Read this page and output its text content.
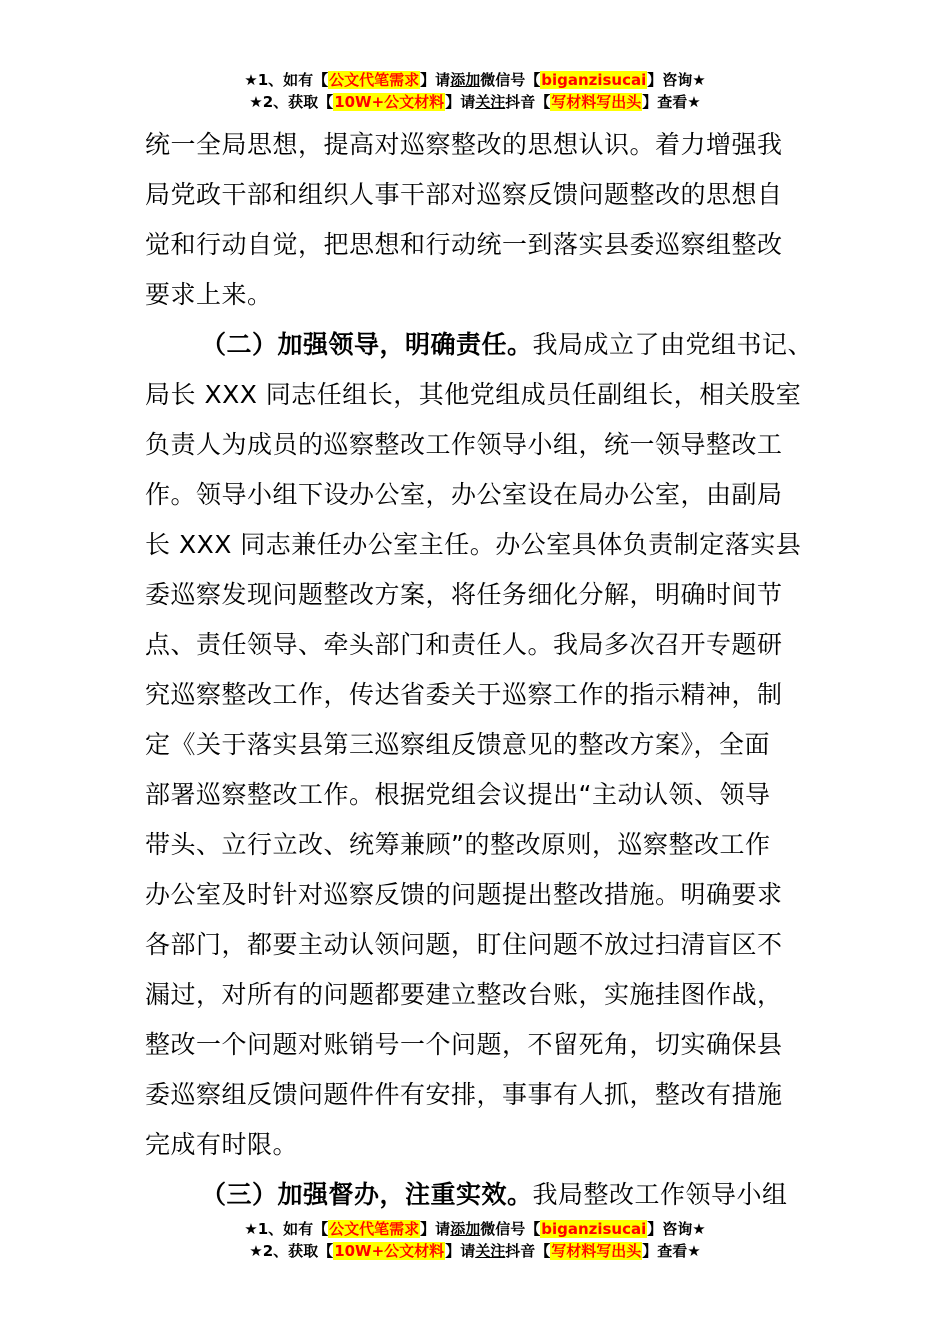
★1、如有【公文代笔需求】请添加微信号【biganzisucai】咨询★
★2、获取【10W+公文材料】请关注抖音【写材料写出头】查看★
统一全局思想，提高对巡察整改的思想认识。着力增强我
局党政干部和组织人事干部对巡察反馈问题整改的思想自
觉和行动自觉，把思想和行动统一到落实县委巡察组整改
要求上来。
（二）加强领导，明确责任。我局成立了由党组书记、
局长 XXX 同志任组长，其他党组成员任副组长，相关股室
负责人为成员的巡察整改工作领导小组，统一领导整改工
作。领导小组下设办公室，办公室设在局办公室，由副局
长 XXX 同志兼任办公室主任。办公室具体负责制定落实县
委巡察发现问题整改方案，将任务细化分解，明确时间节
点、责任领导、牵头部门和责任人。我局多次召开专题研
究巡察整改工作，传达省委关于巡察工作的指示精神，制
定《关于落实县第三巡察组反馈意见的整改方案》，全面
部署巡察整改工作。根据党组会议提出“主动认领、领导
带头、立行立改、统筹兼顾”的整改原则，巡察整改工作
办公室及时针对巡察反馈的问题提出整改措施。明确要求
各部门，都要主动认领问题，盯住问题不放过扫清盲区不
漏过，对所有的问题都要建立整改台账，实施挂图作战，
整改一个问题对账销号一个问题，不留死角，切实确保县
委巡察组反馈问题件件有安排，事事有人抓，整改有措施
完成有时限。
（三）加强督办，注重实效。我局整改工作领导小组
★1、如有【公文代笔需求】请添加微信号【biganzisucai】咨询★
★2、获取【10W+公文材料】请关注抖音【写材料写出头】查看★
